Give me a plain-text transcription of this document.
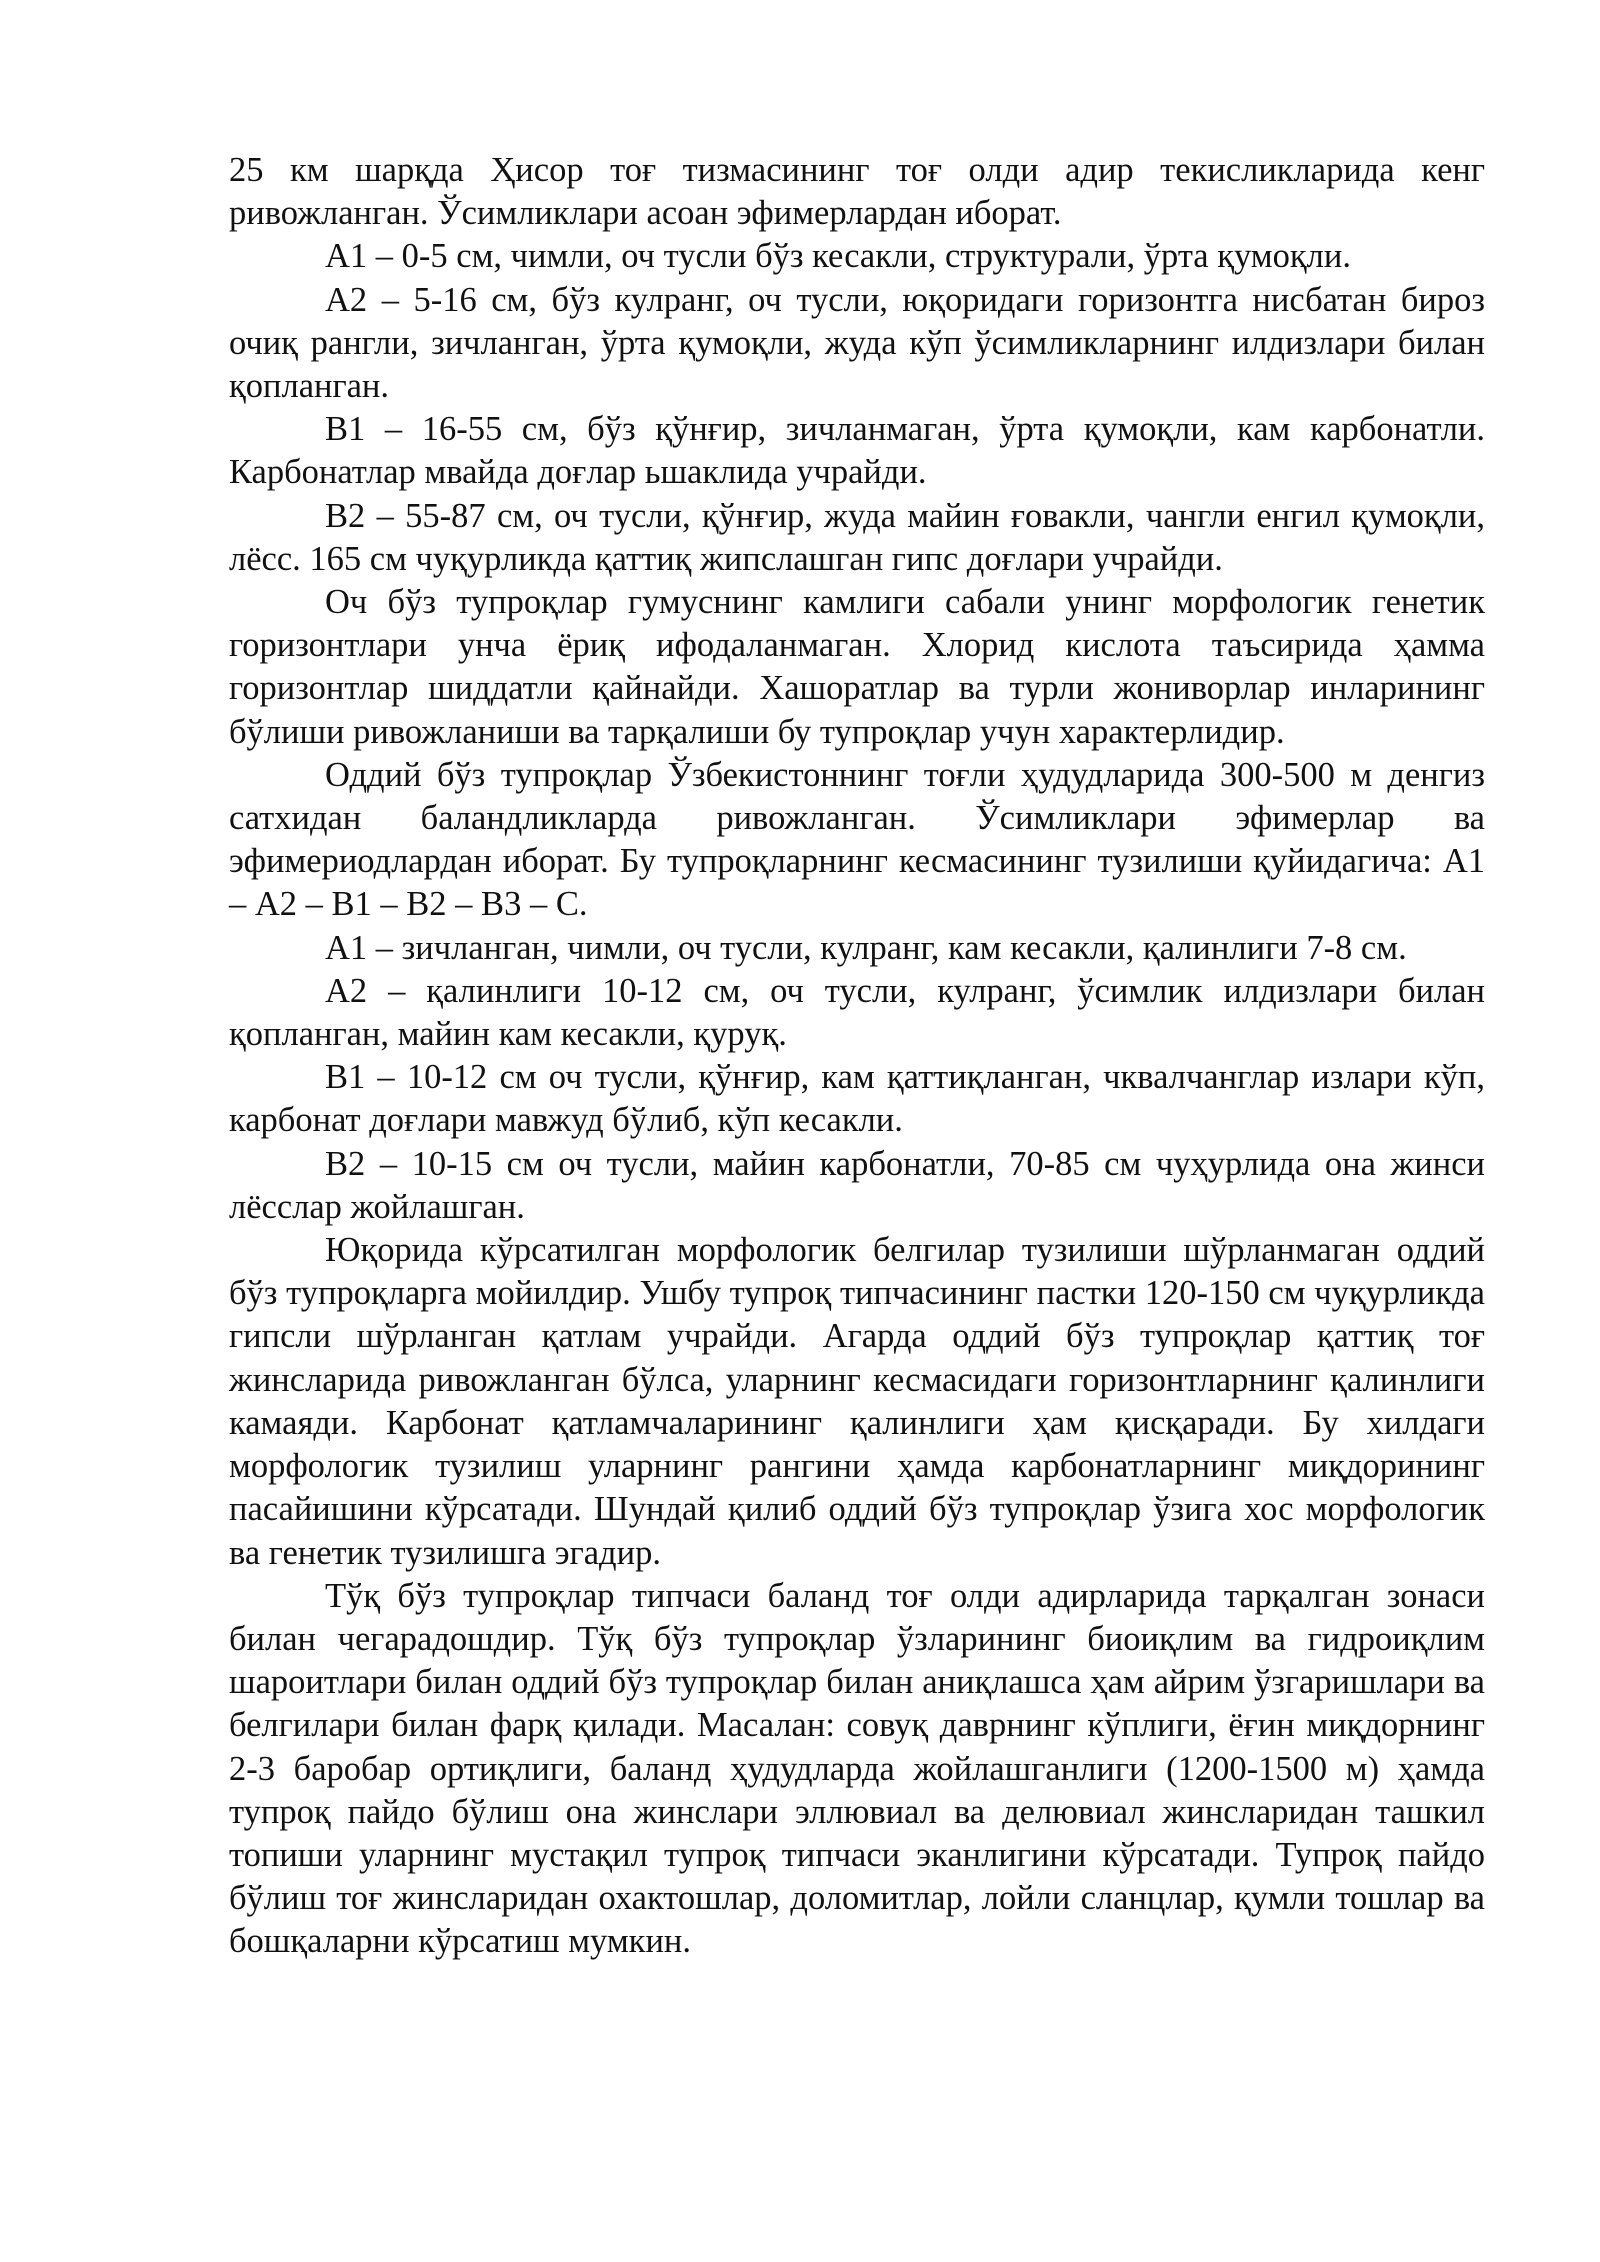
25 км шарқда Ҳисор тоғ тизмасининг тоғ олди адир текисликларида кенг ривожланган. Ўсимликлари асоан эфимерлардан иборат.

А1 – 0-5 см, чимли, оч тусли бўз кесакли, структурали, ўрта қумоқли.

А2 – 5-16 см, бўз кулранг, оч тусли, юқоридаги горизонтга нисбатан бироз очиқ рангли, зичланган, ўрта қумоқли, жуда кўп ўсимликларнинг илдизлари билан қопланган.

В1 – 16-55 см, бўз қўнғир, зичланмаган, ўрта қумоқли, кам карбонатли. Карбонатлар мвайда доғлар ьшаклида учрайди.

В2 – 55-87 см, оч тусли, қўнғир, жуда майин ғовакли, чангли енгил қумоқли, лёсс. 165 см чуқурликда қаттиқ жипслашган гипс доғлари учрайди.

Оч бўз тупроқлар гумуснинг камлиги сабали унинг морфологик генетик горизонтлари унча ёриқ ифодаланмаган. Хлорид кислота таъсирида ҳамма горизонтлар шиддатли қайнайди. Хашоратлар ва турли жониворлар инларининг бўлиши ривожланиши ва тарқалиши бу тупроқлар учун характерлидир.

Оддий бўз тупроқлар Ўзбекистоннинг тоғли ҳудудларида 300-500 м денгиз сатхидан баландликларда ривожланган. Ўсимликлари эфимерлар ва эфимериодлардан иборат. Бу тупроқларнинг кесмасининг тузилиши қуйидагича: А1 – А2 – В1 – В2 – В3 – С.

А1 – зичланган, чимли, оч тусли, кулранг, кам кесакли, қалинлиги 7-8 см.

А2 – қалинлиги 10-12 см, оч тусли, кулранг, ўсимлик илдизлари билан қопланган, майин кам кесакли, қуруқ.

В1 – 10-12 см оч тусли, қўнғир, кам қаттиқланган, чквалчанглар излари кўп, карбонат доғлари мавжуд бўлиб, кўп кесакли.

В2 – 10-15 см оч тусли, майин карбонатли, 70-85 см чуҳурлида она жинси лёсслар жойлашган.

Юқорида кўрсатилган морфологик белгилар тузилиши шўрланмаган оддий бўз тупроқларга мойилдир. Ушбу тупроқ типчасининг пастки 120-150 см чуқурликда гипсли шўрланган қатлам учрайди. Агарда оддий бўз тупроқлар қаттиқ тоғ жинсларида ривожланган бўлса, уларнинг кесмасидаги горизонтларнинг қалинлиги камаяди. Карбонат қатламчаларининг қалинлиги ҳам қисқаради. Бу хилдаги морфологик тузилиш уларнинг рангини ҳамда карбонатларнинг миқдорининг пасайишини кўрсатади. Шундай қилиб оддий бўз тупроқлар ўзига хос морфологик ва генетик тузилишга эгадир.

Тўқ бўз тупроқлар типчаси баланд тоғ олди адирларида тарқалган зонаси билан чегарадошдир. Тўқ бўз тупроқлар ўзларининг биоиқлим ва гидроиқлим шароитлари билан оддий бўз тупроқлар билан аниқлашса ҳам айрим ўзгаришлари ва белгилари билан фарқ қилади. Масалан: совуқ даврнинг кўплиги, ёғин миқдорнинг 2-3 баробар ортиқлиги, баланд ҳудудларда жойлашганлиги (1200-1500 м) ҳамда тупроқ пайдо бўлиш она жинслари эллювиал ва делювиал жинсларидан ташкил топиши уларнинг мустақил тупроқ типчаси эканлигини кўрсатади. Тупроқ пайдо бўлиш тоғ жинсларидан охактошлар, доломитлар, лойли сланцлар, қумли тошлар ва бошқаларни кўрсатиш мумкин.
